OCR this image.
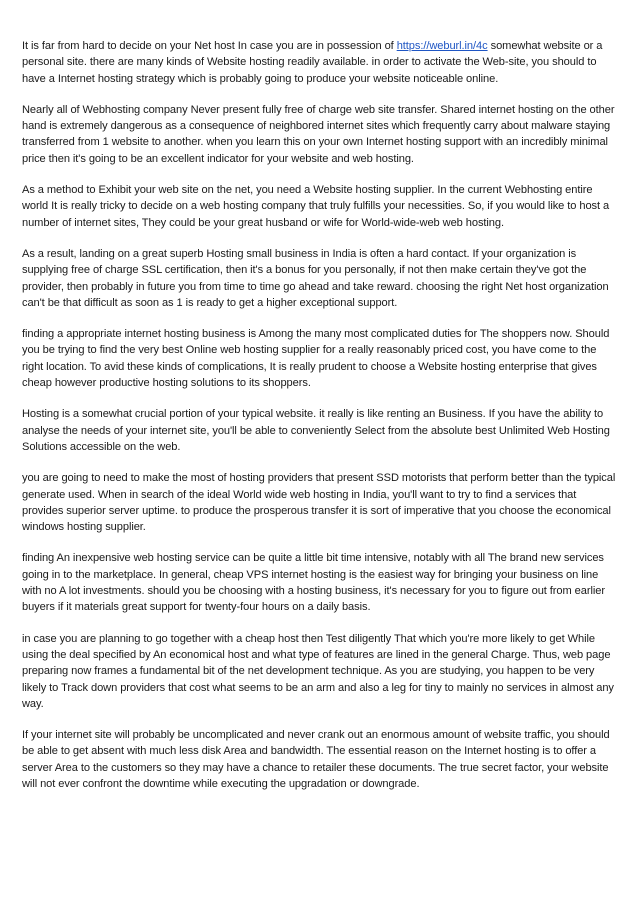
It is far from hard to decide on your Net host In case you are in possession of https://weburl.in/4c somewhat website or a personal site. there are many kinds of Website hosting readily available. in order to activate the Web-site, you should to have a Internet hosting strategy which is probably going to produce your website noticeable online.

Nearly all of Webhosting company Never present fully free of charge web site transfer. Shared internet hosting on the other hand is extremely dangerous as a consequence of neighbored internet sites which frequently carry about malware staying transferred from 1 website to another. when you learn this on your own Internet hosting support with an incredibly minimal price then it's going to be an excellent indicator for your website and web hosting.

As a method to Exhibit your web site on the net, you need a Website hosting supplier. In the current Webhosting entire world It is really tricky to decide on a web hosting company that truly fulfills your necessities. So, if you would like to host a number of internet sites, They could be your great husband or wife for World-wide-web web hosting.

As a result, landing on a great superb Hosting small business in India is often a hard contact. If your organization is supplying free of charge SSL certification, then it's a bonus for you personally, if not then make certain they've got the provider, then probably in future you from time to time go ahead and take reward. choosing the right Net host organization can't be that difficult as soon as 1 is ready to get a higher exceptional support.

finding a appropriate internet hosting business is Among the many most complicated duties for The shoppers now. Should you be trying to find the very best Online web hosting supplier for a really reasonably priced cost, you have come to the right location. To avid these kinds of complications, It is really prudent to choose a Website hosting enterprise that gives cheap however productive hosting solutions to its shoppers.

Hosting is a somewhat crucial portion of your typical website. it really is like renting an Business. If you have the ability to analyse the needs of your internet site, you'll be able to conveniently Select from the absolute best Unlimited Web Hosting Solutions accessible on the web.

you are going to need to make the most of hosting providers that present SSD motorists that perform better than the typical generate used. When in search of the ideal World wide web hosting in India, you'll want to try to find a services that provides superior server uptime. to produce the prosperous transfer it is sort of imperative that you choose the economical windows hosting supplier.

finding An inexpensive web hosting service can be quite a little bit time intensive, notably with all The brand new services going in to the marketplace. In general, cheap VPS internet hosting is the easiest way for bringing your business on line with no A lot investments. should you be choosing with a hosting business, it's necessary for you to figure out from earlier buyers if it materials great support for twenty-four hours on a daily basis.

in case you are planning to go together with a cheap host then Test diligently That which you're more likely to get While using the deal specified by An economical host and what type of features are lined in the general Charge. Thus, web page preparing now frames a fundamental bit of the net development technique. As you are studying, you happen to be very likely to Track down providers that cost what seems to be an arm and also a leg for tiny to mainly no services in almost any way.

If your internet site will probably be uncomplicated and never crank out an enormous amount of website traffic, you should be able to get absent with much less disk Area and bandwidth. The essential reason on the Internet hosting is to offer a server Area to the customers so they may have a chance to retailer these documents. The true secret factor, your website will not ever confront the downtime while executing the upgradation or downgrade.
